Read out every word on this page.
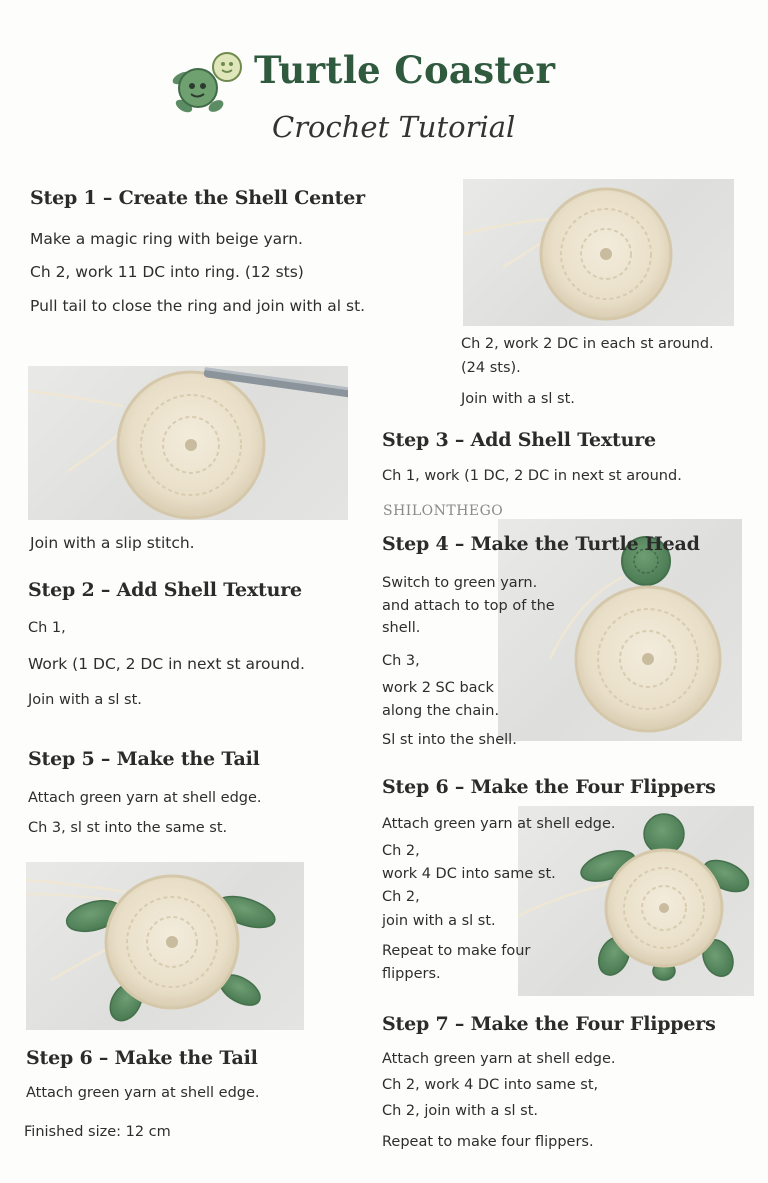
Turtle Coaster
Crochet Tutorial
Step 1 – Create the Shell Center
Make a magic ring with beige yarn.
Ch 2, work 11 DC into ring. (12 sts)
Pull tail to close the ring and join with al st.
Ch 2, work 2 DC in each st around.
(24 sts).
Join with a sl st.
Step 3 – Add Shell Texture
Ch 1, work (1 DC, 2 DC in next st around.
SHILONTHEGO
Join with a slip stitch.	Step 4 – Make the Turtle Head
Switch to green yarn.
and attach to top of the
shell.
Ch 3,
work 2 SC back
along the chain.
Sl st into the shell.
Step 2 – Add Shell Texture
Ch 1,
Work (1 DC, 2 DC in next st around.
Join with a sl st.
Step 5 – Make the Tail
Attach green yarn at shell edge.
Ch 3, sl st into the same st.
Step 6 – Make the Four Flippers
Attach green yarn at shell edge.
Ch 2,
work 4 DC into same st.
Ch 2,
join with a sl st.
Repeat to make four
flippers.
Step 6 – Make the Tail
Attach green yarn at shell edge.
Finished size: 12 cm
Step 7 – Make the Four Flippers
Attach green yarn at shell edge.
Ch 2, work 4 DC into same st,
Ch 2, join with a sl st.
Repeat to make four flippers.
